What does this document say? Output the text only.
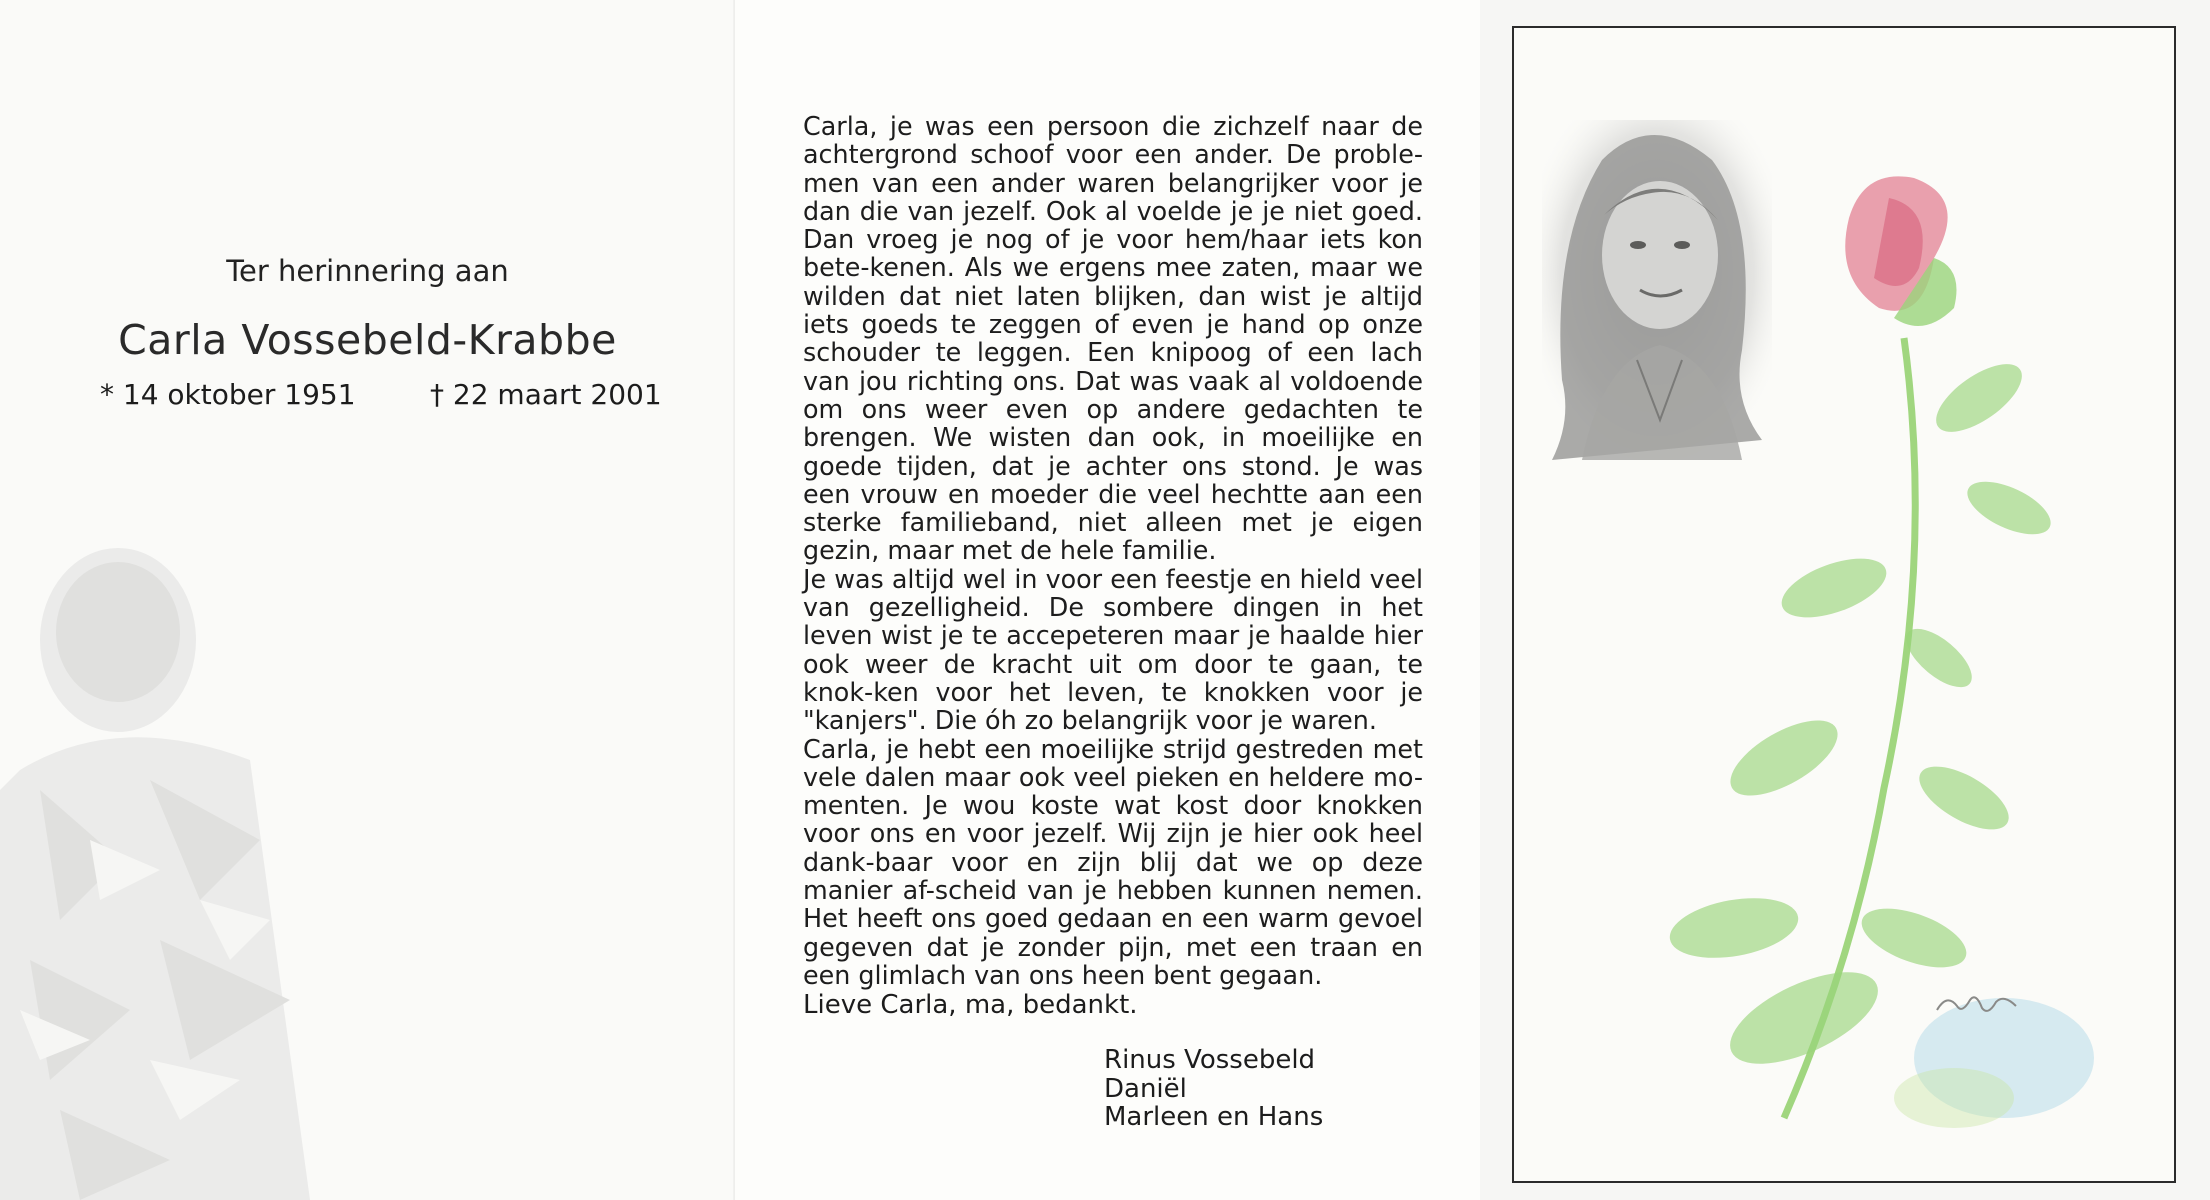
Ter herinnering aan
Carla Vossebeld-Krabbe
* 14 oktober 1951	† 22 maart 2001

Carla, je was een persoon die zichzelf naar de achtergrond schoof voor een ander. De proble-men van een ander waren belangrijker voor je dan die van jezelf. Ook al voelde je je niet goed. Dan vroeg je nog of je voor hem/haar iets kon bete-kenen. Als we ergens mee zaten, maar we wilden dat niet laten blijken, dan wist je altijd iets goeds te zeggen of even je hand op onze schouder te leggen. Een knipoog of een lach van jou richting ons. Dat was vaak al voldoende om ons weer even op andere gedachten te brengen. We wisten dan ook, in moeilijke en goede tijden, dat je achter ons stond. Je was een vrouw en moeder die veel hechtte aan een sterke familieband, niet alleen met je eigen gezin, maar met de hele familie.
Je was altijd wel in voor een feestje en hield veel van gezelligheid. De sombere dingen in het leven wist je te accepeteren maar je haalde hier ook weer de kracht uit om door te gaan, te knok-ken voor het leven, te knokken voor je "kanjers". Die óh zo belangrijk voor je waren.
Carla, je hebt een moeilijke strijd gestreden met vele dalen maar ook veel pieken en heldere mo-menten. Je wou koste wat kost door knokken voor ons en voor jezelf. Wij zijn je hier ook heel dank-baar voor en zijn blij dat we op deze manier af-scheid van je hebben kunnen nemen. Het heeft ons goed gedaan en een warm gevoel gegeven dat je zonder pijn, met een traan en een glimlach van ons heen bent gegaan.

Lieve Carla, ma, bedankt.
Rinus Vossebeld
Daniël
Marleen en Hans
